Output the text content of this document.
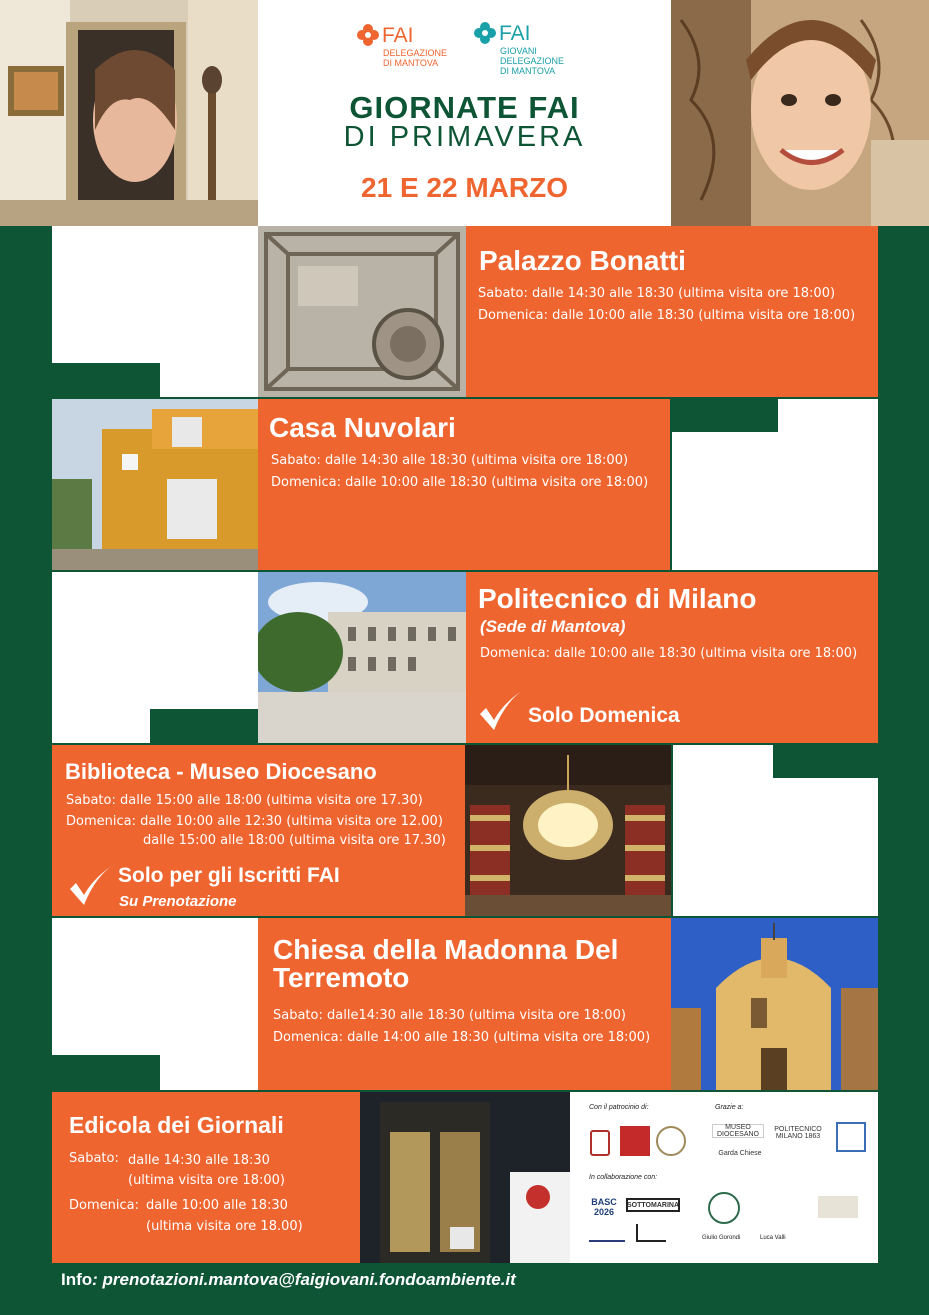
FAI
DELEGAZIONE
DI MANTOVA
FAI
GIOVANI
DELEGAZIONE
DI MANTOVA
GIORNATE FAI
DI PRIMAVERA
21 E 22 MARZO
Palazzo Bonatti
Sabato: dalle 14:30 alle 18:30 (ultima visita ore 18:00)
Domenica: dalle 10:00 alle 18:30 (ultima visita ore 18:00)
Casa Nuvolari
Sabato: dalle 14:30 alle 18:30 (ultima visita ore 18:00)
Domenica: dalle 10:00 alle 18:30 (ultima visita ore 18:00)
Politecnico di Milano
(Sede di Mantova)
Domenica: dalle 10:00 alle 18:30 (ultima visita ore 18:00)
Solo Domenica
Biblioteca - Museo Diocesano
Sabato: dalle 15:00 alle 18:00 (ultima visita ore 17.30)
Domenica: dalle 10:00 alle 12:30 (ultima visita ore 12.00)
dalle 15:00 alle 18:00 (ultima visita ore 17.30)
Solo per gli Iscritti FAI
Su Prenotazione
Chiesa della Madonna Del
Terremoto
Sabato: dalle14:30 alle 18:30 (ultima visita ore 18:00)
Domenica: dalle 14:00 alle 18:30 (ultima visita ore 18:00)
Edicola dei Giornali
Sabato: dalle 14:30 alle 18:30
(ultima visita ore 18:00)
Domenica: dalle 10:00 alle 18:30
(ultima visita ore 18.00)
Con il patrocinio di:	Grazie a:
In collaborazione con:
MUSEO DIOCESANO
POLITECNICO MILANO 1863
Garda Chiese
BASC 2026
SOTTOMARINA
Giulio Gorondi	Luca Valli
Info: prenotazioni.mantova@faigiovani.fondoambiente.it
